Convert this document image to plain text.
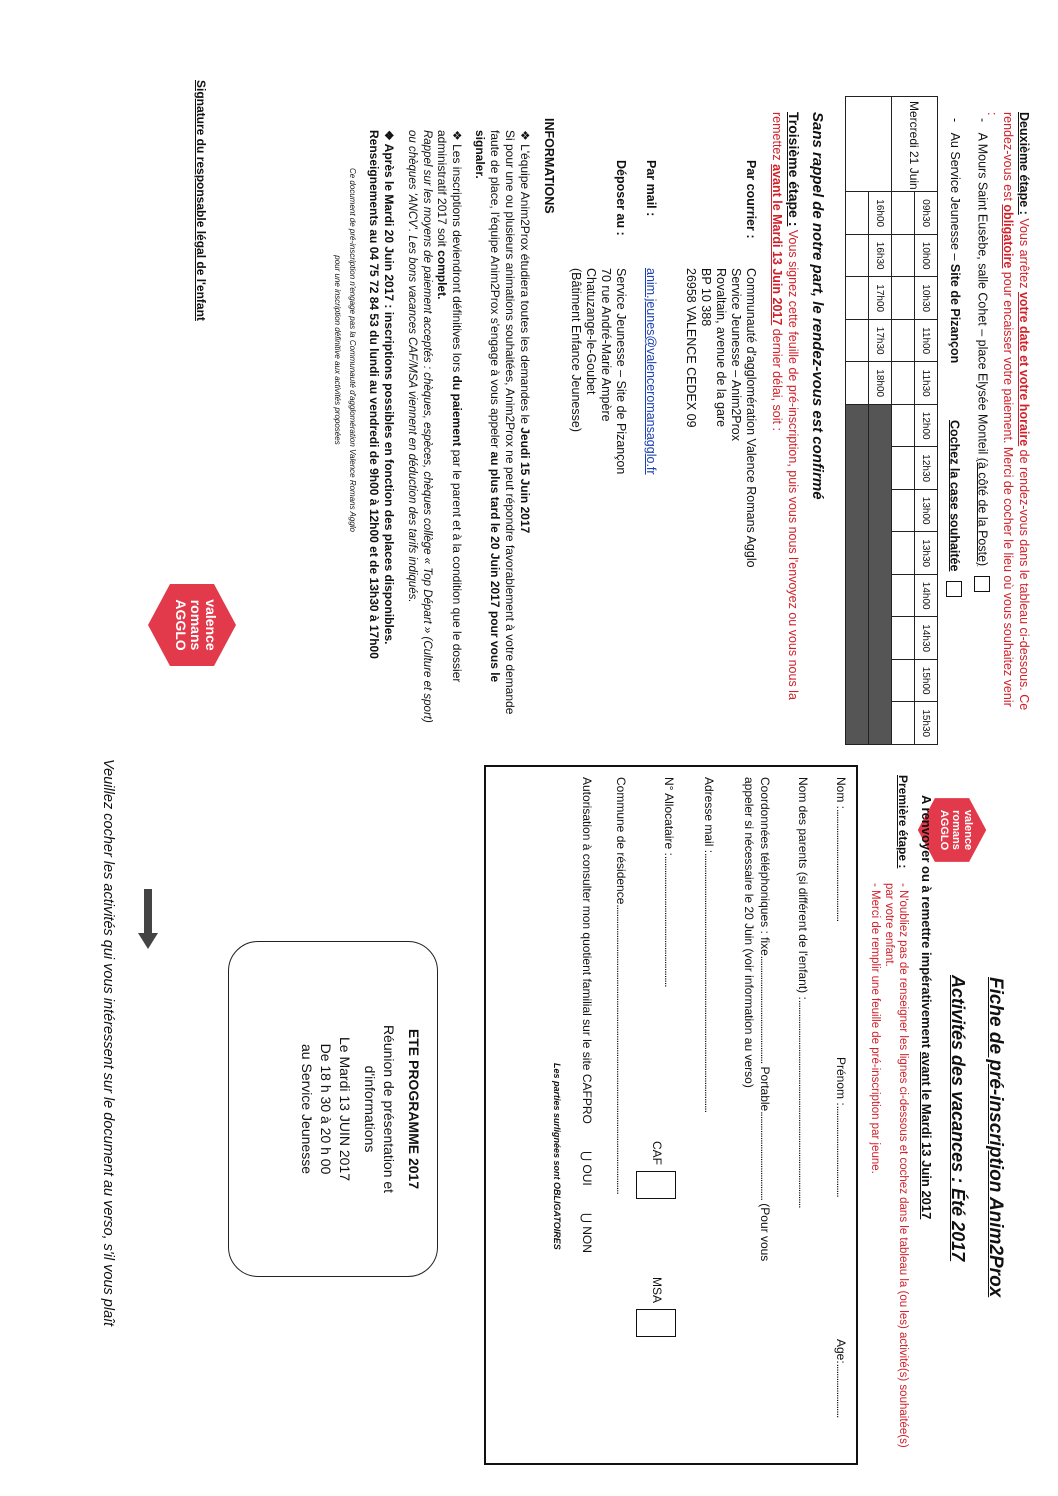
Deuxième étape : Vous arrêtez votre date et votre horaire de rendez-vous dans le tableau ci-dessous. Ce rendez-vous est obligatoire pour encaisser votre paiement. Merci de cocher le lieu où vous souhaitez venir :
-   A Mours Saint Eusèbe, salle Cohet – place Elysée Monteil (à côté de la Poste)
-   Au Service Jeunesse – Site de Pizançon
Cochez la case souhaitée
Mercredi 21 Juin	09h30	10h00	10h30	11h00	11h30	12h00	12h30	13h00	13h30	14h00	14h30	15h00	15h30

	16h00	16h30	17h00	17h30	18h00								

Sans rappel de notre part, le rendez-vous est confirmé
Troisième étape : Vous signez cette feuille de pré-inscription, puis vous nous l'envoyez ou vous nous la remettez avant le Mardi 13 Juin 2017 dernier délai, soit :
Par courrier :
Communauté d'agglomération Valence Romans Agglo
Service Jeunesse – Anim2Prox
Rovaltain, avenue de la gare
BP 10 388
26958 VALENCE CEDEX 09
Par mail :
anim.jeunes@valenceromansagglo.fr
Déposer au :
Service Jeunesse – Site de Pizançon
70 rue André-Marie Ampère
Chatuzange-le-Goubet
(Bâtiment Enfance Jeunesse)
INFORMATIONS
❖ L'équipe Anim2Prox étudiera toutes les demandes le Jeudi 15 Juin 2017
Si pour une ou plusieurs animations souhaitées, Anim2Prox ne peut répondre favorablement à votre demande faute de place, l'équipe Anim2Prox s'engage à vous appeler au plus tard le 20 Juin 2017 pour vous le signaler.
❖ Les inscriptions deviendront définitives lors du paiement par le parent et à la condition que le dossier administratif 2017 soit complet.
Rappel sur les moyens de paiement acceptés : chèques, espèces, chèques collège « Top Départ » (Culture et sport) ou chèques 'ANCV'. Les bons vacances CAF/MSA viennent en déduction des tarifs indiqués.
❖ Après le Mardi 20 Juin 2017 : inscriptions possibles en fonction des places disponibles.
Renseignements au 04 75 72 84 53 du lundi au vendredi de 9h00 à 12h00 et de 13h30 à 17h00
Ce document de pré-inscription n'engage pas la Communauté d'agglomération Valence Romans Agglo
pour une inscription définitive aux activités proposées
valence
romans
AGGLO
Signature du responsable légal de l'enfant
valence
romans
AGGLO
Fiche de pré-inscription Anim2Prox
Activités des vacances : Été 2017
A renvoyer ou à remettre impérativement avant le Mardi 13 Juin 2017
Première étape :
- N'oubliez pas de renseigner les lignes ci-dessous et cochez dans le tableau la (ou les) activité(s) souhaitée(s) par votre enfant.
- Merci de remplir une feuille de pré-inscription par jeune.
Nom :................................................
Prénom :.......................................
Age:.......................
Nom des parents (si différent de l'enfant) :.........................................................................................
Coordonnées téléphoniques : fixe.............................................. Portable...................................... (Pour vous
appeler si nécessaire le 20 Juin (voir information au verso)
Adresse mail :...............................................................................................................
N° Allocataire :........................................................
CAF
MSA
Commune de résidence............................................................................................................................
Autorisation à consulter mon quotient familial sur le site CAFPRO ⋃ OUI ⋃ NON
Les parties surlignées sont OBLIGATOIRES
ETE PROGRAMME 2017
Réunion de présentation et
d'informations
Le Mardi 13 JUIN 2017
De 18 h 30 à 20 h 00
au Service Jeunesse
Veuillez cocher les activités qui vous intéressent sur le document au verso, s'il vous plaît
